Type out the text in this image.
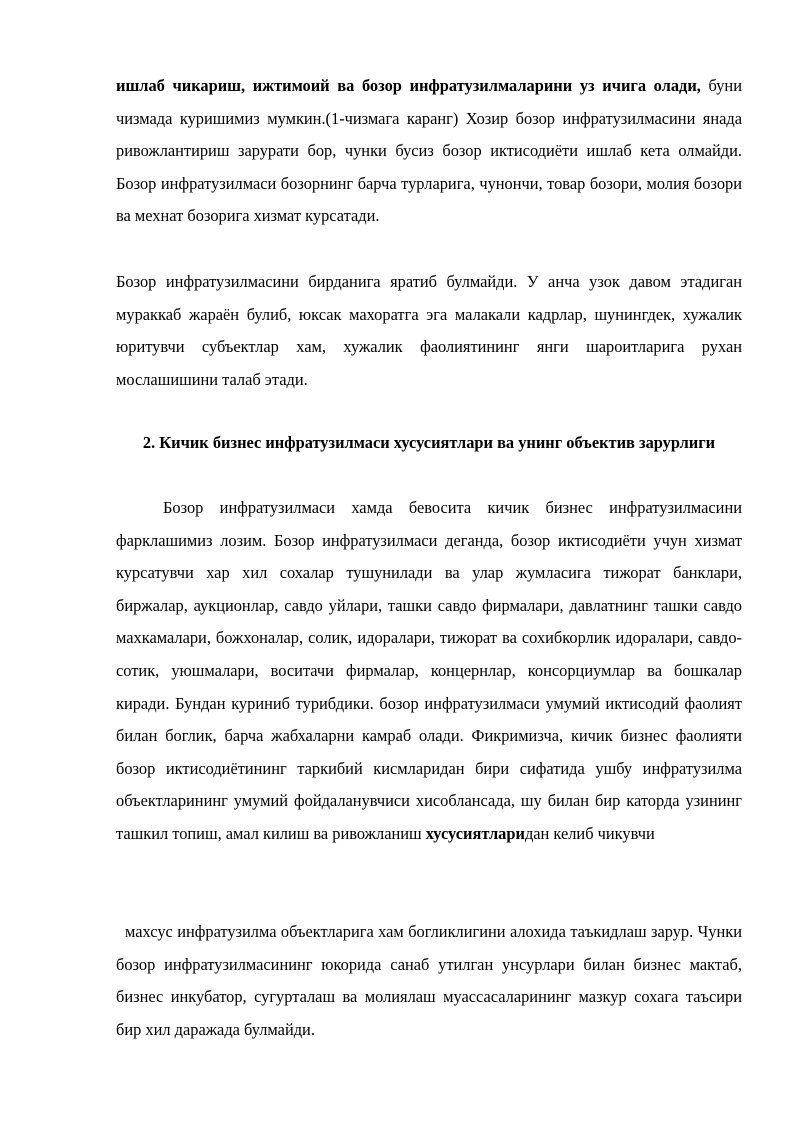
ишлаб чикариш, ижтимоий ва бозор инфратузилмаларини уз ичига олади, буни чизмада куришимиз мумкин.(1-чизмага каранг) Хозир бозор инфратузилмасини янада ривожлантириш зарурати бор, чунки бусиз бозор иктисодиёти ишлаб кета олмайди. Бозор инфратузилмаси бозорнинг барча турларига, чунончи, товар бозори, молия бозори ва мехнат бозорига хизмат курсатади.

Бозор инфратузилмасини бирданига яратиб булмайди. У анча узок давом этадиган мураккаб жараён булиб, юксак махоратга эга малакали кадрлар, шунингдек, хужалик юритувчи субъектлар хам, хужалик фаолиятининг янги шароитларига рухан мослашишини талаб этади.

2. Кичик бизнес инфратузилмаси хусусиятлари ва унинг объектив зарурлиги

Бозор инфратузилмаси хамда бевосита кичик бизнес инфратузилмасини фарклашимиз лозим. Бозор инфратузилмаси деганда, бозор иктисодиёти учун хизмат курсатувчи хар хил сохалар тушунилади ва улар жумласига тижорат банклари, биржалар, аукционлар, савдо уйлари, ташки савдо фирмалари, давлатнинг ташки савдо махкамалари, божхоналар, солик, идоралари, тижорат ва сохибкорлик идоралари, савдо-сотик, уюшмалари, воситачи фирмалар, концернлар, консорциумлар ва бошкалар киради. Бундан куриниб турибдики. бозор инфратузилмаси умумий иктисодий фаолият билан боглик, барча жабхаларни камраб олади. Фикримизча, кичик бизнес фаолияти бозор иктисодиётининг таркибий кисмларидан бири сифатида ушбу инфратузилма объектларининг умумий фойдаланувчиси хисоблансада, шу билан бир каторда узининг ташкил топиш, амал килиш ва ривожланиш хусусиятларидан келиб чикувчи

махсус инфратузилма объектларига хам богликлигини алохида таъкидлаш зарур. Чунки бозор инфратузилмасининг юкорида санаб утилган унсурлари билан бизнес мактаб, бизнес инкубатор, сугурталаш ва молиялаш муассасаларининг мазкур сохага таъсири бир хил даражада булмайди.
